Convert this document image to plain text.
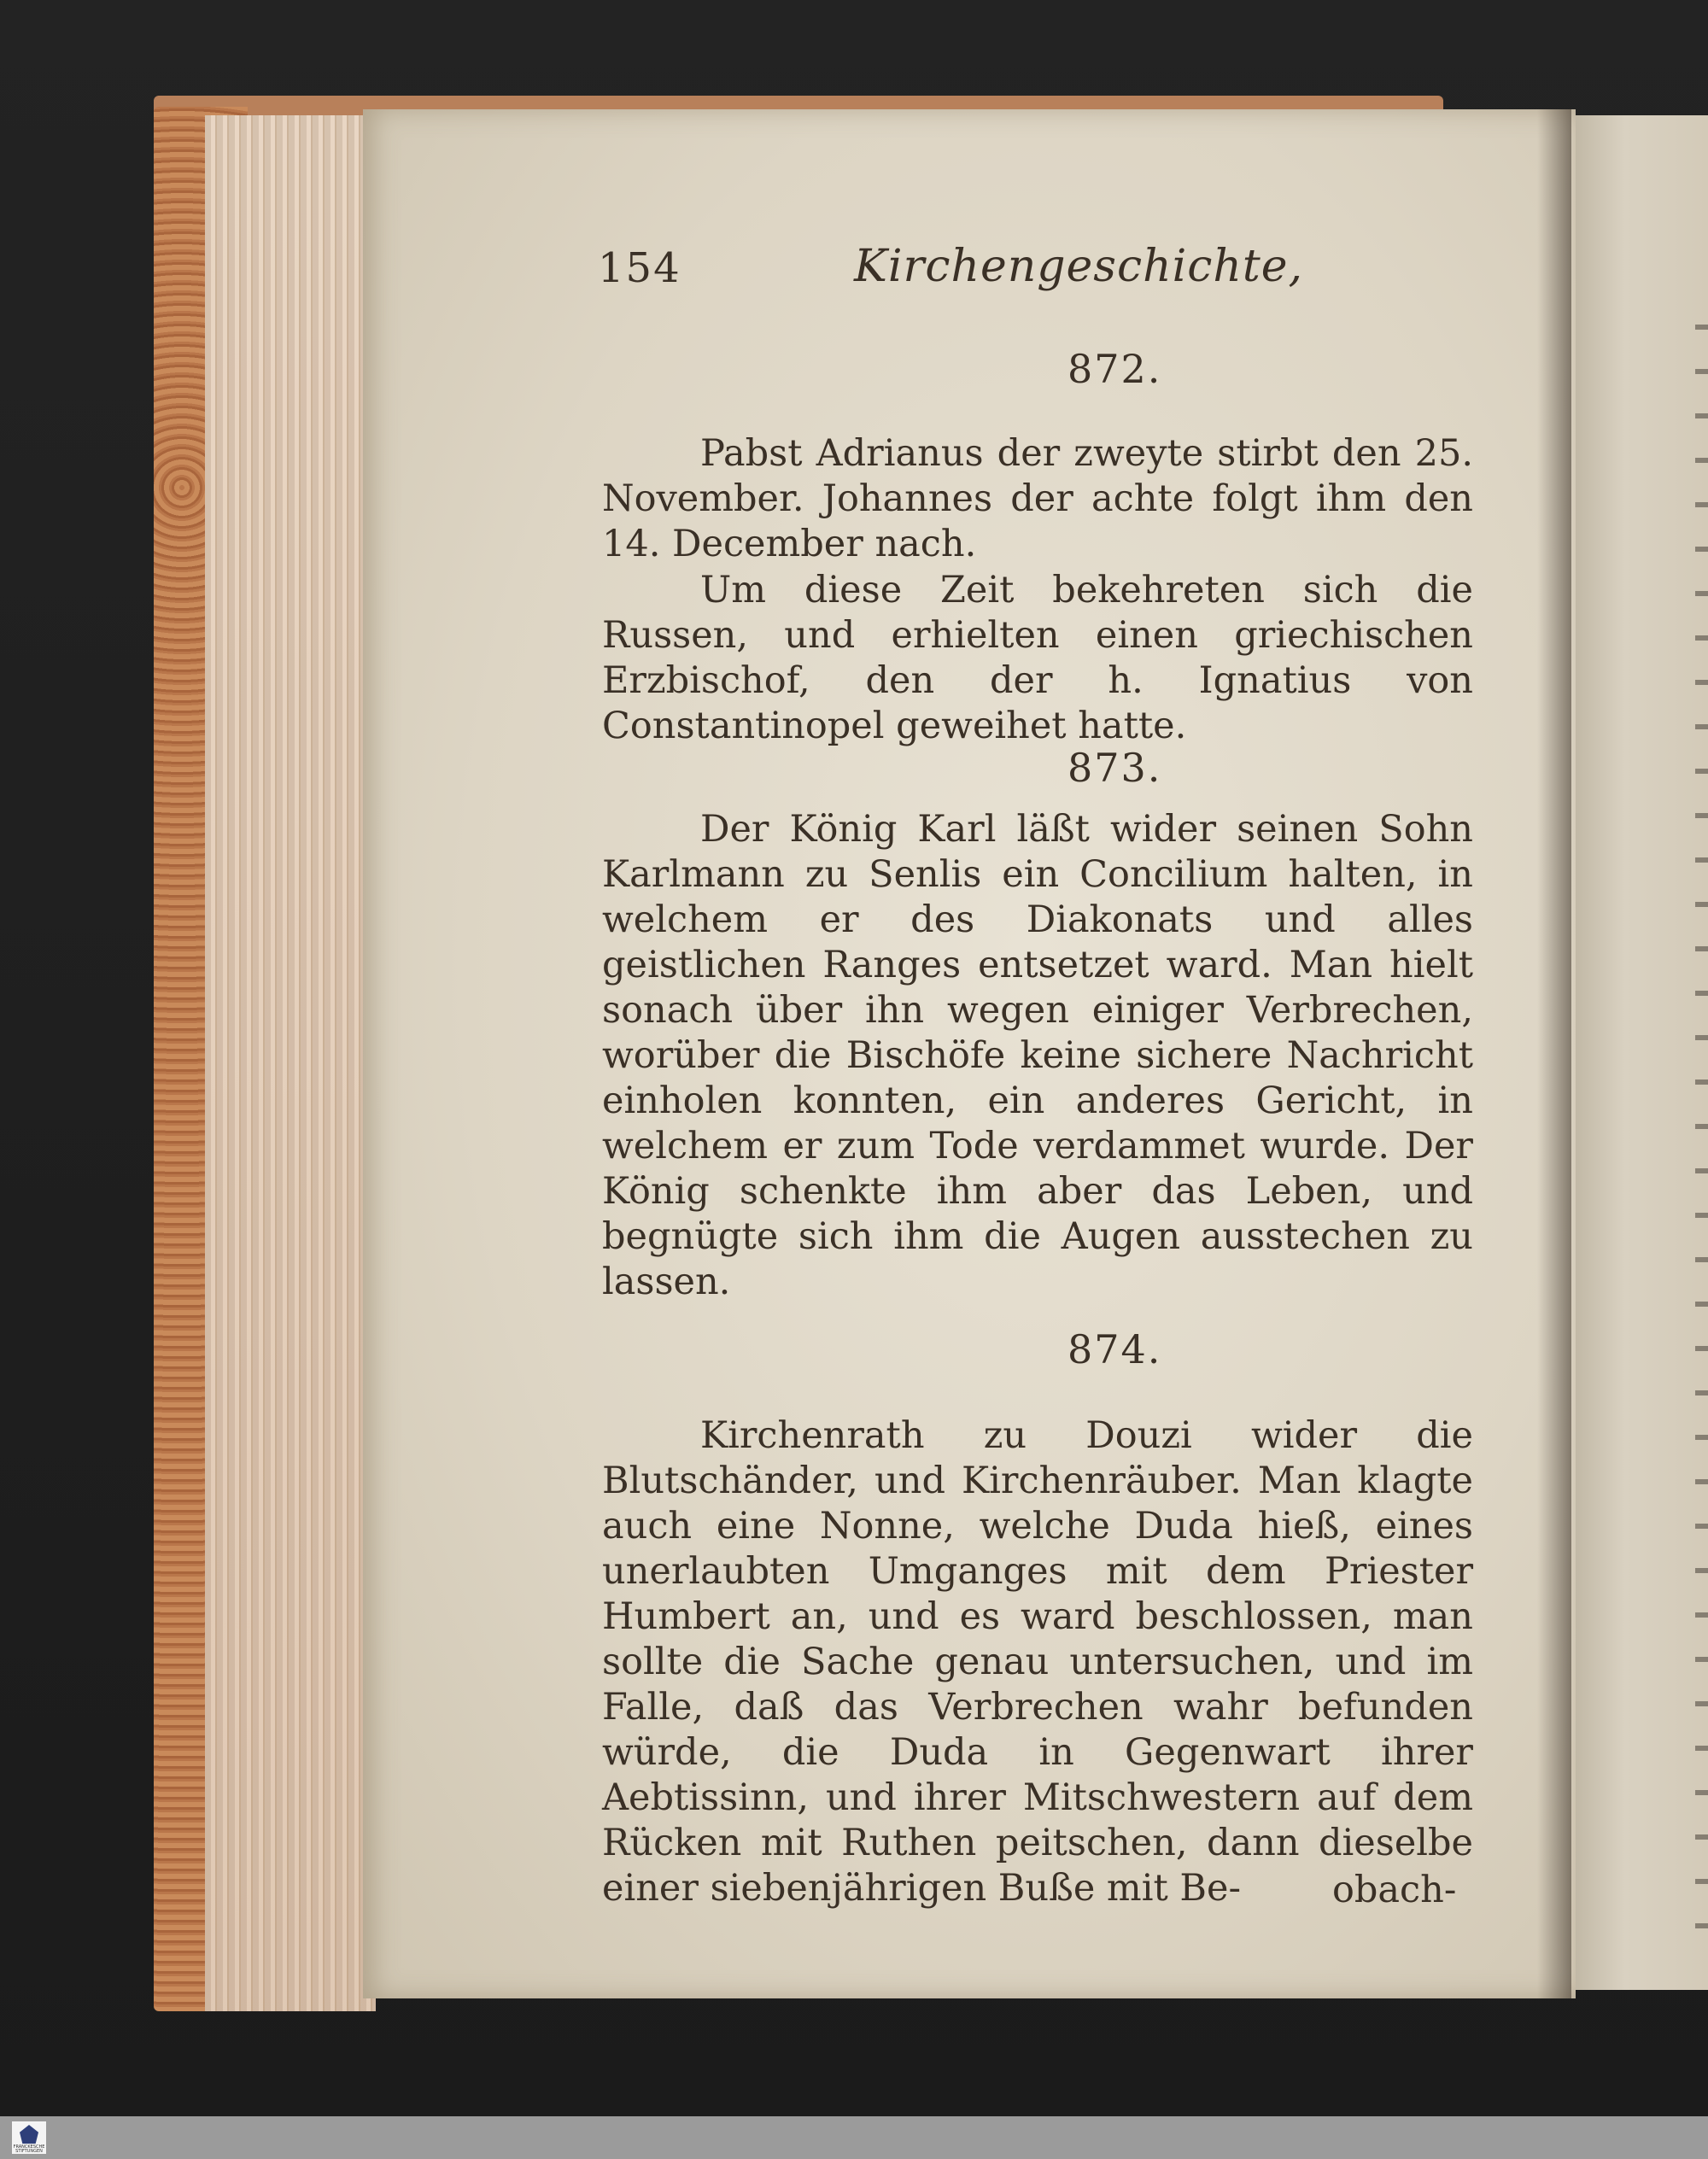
154	Kirchengeschichte,
872.
Pabst Adrianus der zweyte stirbt den 25. November. Johannes der achte folgt ihm den 14. December nach.
Um diese Zeit bekehreten sich die Russen, und erhielten einen griechischen Erzbischof, den der h. Ignatius von Constantinopel geweihet hatte.
873.
Der König Karl läßt wider seinen Sohn Karlmann zu Senlis ein Concilium halten, in welchem er des Diakonats und alles geistlichen Ranges entsetzet ward. Man hielt sonach über ihn wegen einiger Verbrechen, worüber die Bischöfe keine sichere Nachricht einholen konnten, ein anderes Gericht, in welchem er zum Tode verdammet wurde. Der König schenkte ihm aber das Leben, und begnügte sich ihm die Augen ausstechen zu lassen.
874.
Kirchenrath zu Douzi wider die Blutschänder, und Kirchenräuber. Man klagte auch eine Nonne, welche Duda hieß, eines unerlaubten Umganges mit dem Priester Humbert an, und es ward beschlossen, man sollte die Sache genau untersuchen, und im Falle, daß das Verbrechen wahr befunden würde, die Duda in Gegenwart ihrer Aebtissinn, und ihrer Mitschwestern auf dem Rücken mit Ruthen peitschen, dann dieselbe einer siebenjährigen Buße mit Be-	obach-
FRANCKESCHE STIFTUNGEN
